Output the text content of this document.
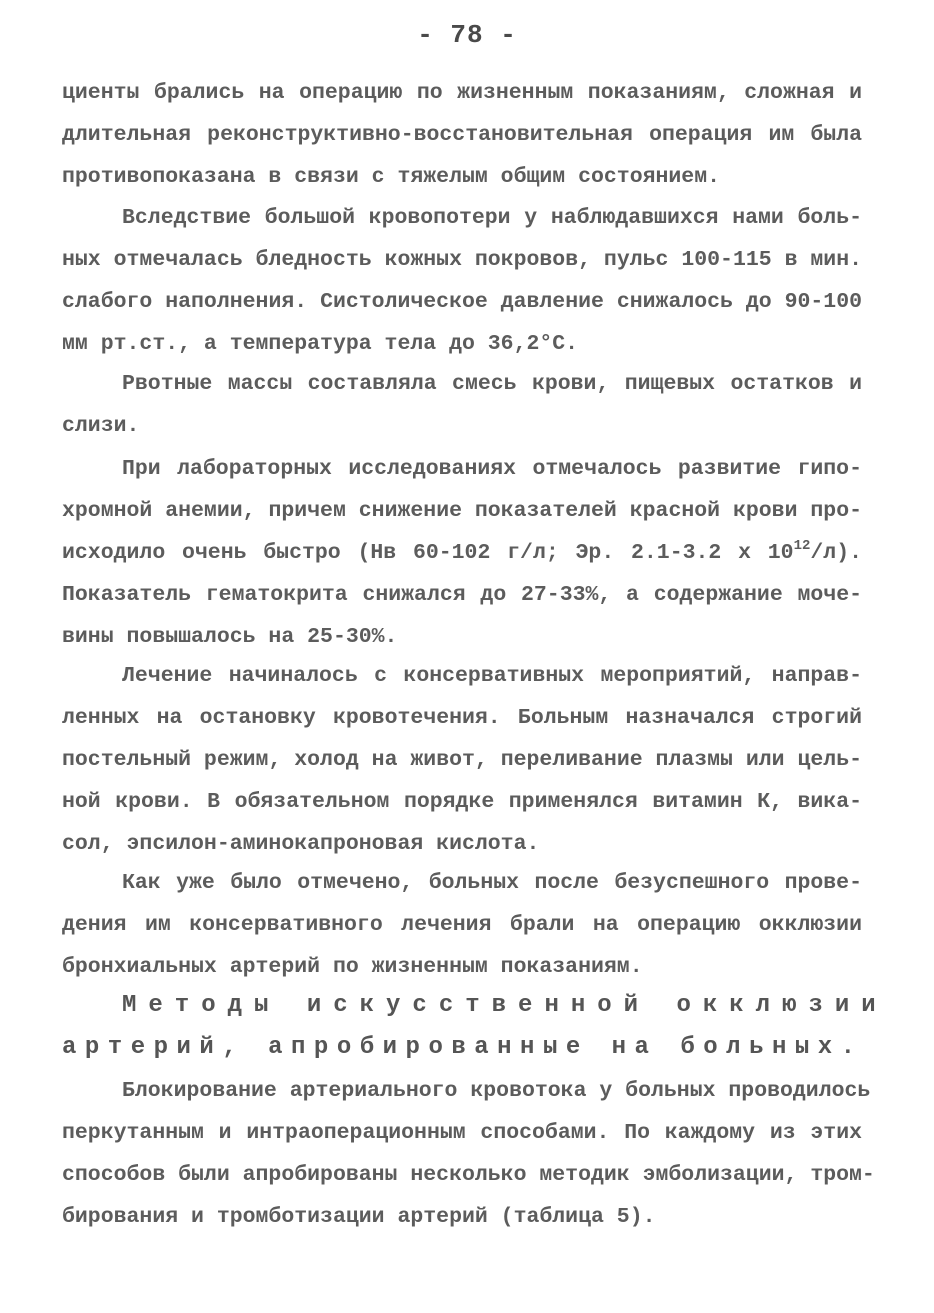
- 78 -
циенты брались на операцию по жизненным показаниям, сложная и
длительная реконструктивно-восстановительная операция им была
противопоказана в связи с тяжелым общим состоянием.
Вследствие большой кровопотери у наблюдавшихся нами боль-
ных отмечалась бледность кожных покровов, пульс 100-115 в мин.
слабого наполнения. Систолическое давление снижалось до 90-100
мм рт.ст., а температура тела до 36,2°С.
Рвотные массы составляла смесь крови, пищевых остатков и
слизи.
При лабораторных исследованиях отмечалось развитие гипо-
хромной анемии, причем снижение показателей красной крови про-
исходило очень быстро (Нв 60-102 г/л; Эр. 2.1-3.2 x $10^{12}/л$).
Показатель гематокрита снижался до 27-33%, а содержание моче-
вины повышалось на 25-30%.
Лечение начиналось с консервативных мероприятий, направ-
ленных на остановку кровотечения. Больным назначался строгий
постельный режим, холод на живот, переливание плазмы или цель-
ной крови. В обязательном порядке применялся витамин К, вика-
сол, эпсилон-аминокапроновая кислота.
Как уже было отмечено, больных после безуспешного прове-
дения им консервативного лечения брали на операцию окклюзии
бронхиальных артерий по жизненным показаниям.
Методы искусственной окклюзии
артерий, апробированные на больных.
Блокирование артериального кровотока у больных проводилось
перкутанным и интраоперационным способами. По каждому из этих
способов были апробированы несколько методик эмболизации, тром-
бирования и тромботизации артерий (таблица 5).
